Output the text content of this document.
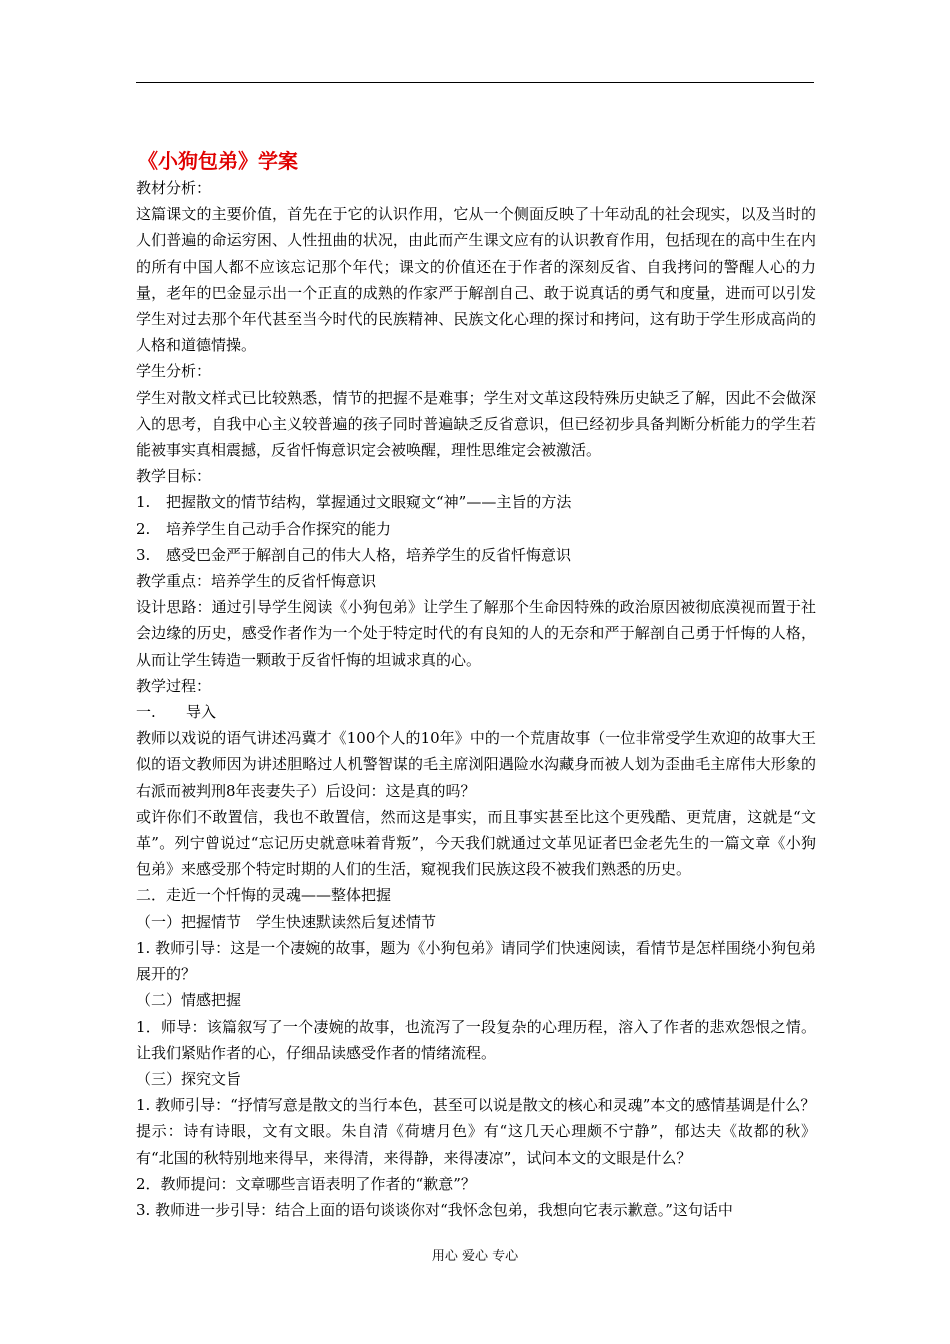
《小狗包弟》学案

教材分析：

这篇课文的主要价值，首先在于它的认识作用，它从一个侧面反映了十年动乱的社会现实，以及当时的人们普遍的命运穷困、人性扭曲的状况，由此而产生课文应有的认识教育作用，包括现在的高中生在内的所有中国人都不应该忘记那个年代；课文的价值还在于作者的深刻反省、自我拷问的警醒人心的力量，老年的巴金显示出一个正直的成熟的作家严于解剖自己、敢于说真话的勇气和度量，进而可以引发学生对过去那个年代甚至当今时代的民族精神、民族文化心理的探讨和拷问，这有助于学生形成高尚的人格和道德情操。

学生分析：

学生对散文样式已比较熟悉，情节的把握不是难事；学生对文革这段特殊历史缺乏了解，因此不会做深入的思考，自我中心主义较普遍的孩子同时普遍缺乏反省意识，但已经初步具备判断分析能力的学生若能被事实真相震撼，反省忏悔意识定会被唤醒，理性思维定会被激活。

教学目标：

1. 把握散文的情节结构，掌握通过文眼窥文“神”——主旨的方法
2. 培养学生自己动手合作探究的能力
3. 感受巴金严于解剖自己的伟大人格，培养学生的反省忏悔意识

教学重点：培养学生的反省忏悔意识

设计思路：通过引导学生阅读《小狗包弟》让学生了解那个生命因特殊的政治原因被彻底漠视而置于社会边缘的历史，感受作者作为一个处于特定时代的有良知的人的无奈和严于解剖自己勇于忏悔的人格，从而让学生铸造一颗敢于反省忏悔的坦诚求真的心。

教学过程：

一. 导入

教师以戏说的语气讲述冯冀才《100个人的10年》中的一个荒唐故事（一位非常受学生欢迎的故事大王似的语文教师因为讲述胆略过人机警智谋的毛主席浏阳遇险水沟藏身而被人划为歪曲毛主席伟大形象的右派而被判刑8年丧妻失子）后设问：这是真的吗？

或许你们不敢置信，我也不敢置信，然而这是事实，而且事实甚至比这个更残酷、更荒唐，这就是“文革”。列宁曾说过“忘记历史就意味着背叛”，今天我们就通过文革见证者巴金老先生的一篇文章《小狗包弟》来感受那个特定时期的人们的生活，窥视我们民族这段不被我们熟悉的历史。

二．走近一个忏悔的灵魂——整体把握

（一）把握情节　学生快速默读然后复述情节

1. 教师引导：这是一个凄婉的故事，题为《小狗包弟》请同学们快速阅读，看情节是怎样围绕小狗包弟展开的？

（二）情感把握

1．师导：该篇叙写了一个凄婉的故事，也流泻了一段复杂的心理历程，溶入了作者的悲欢怨恨之情。让我们紧贴作者的心，仔细品读感受作者的情绪流程。

（三）探究文旨

1. 教师引导：“抒情写意是散文的当行本色，甚至可以说是散文的核心和灵魂”本文的感情基调是什么？

提示：诗有诗眼，文有文眼。朱自清《荷塘月色》有“这几天心理颇不宁静”，郁达夫《故都的秋》有“北国的秋特别地来得早，来得清，来得静，来得凄凉”，试问本文的文眼是什么？

2．教师提问：文章哪些言语表明了作者的“歉意”？

3. 教师进一步引导：结合上面的语句谈谈你对“我怀念包弟，我想向它表示歉意。”这句话中

用心 爱心 专心
